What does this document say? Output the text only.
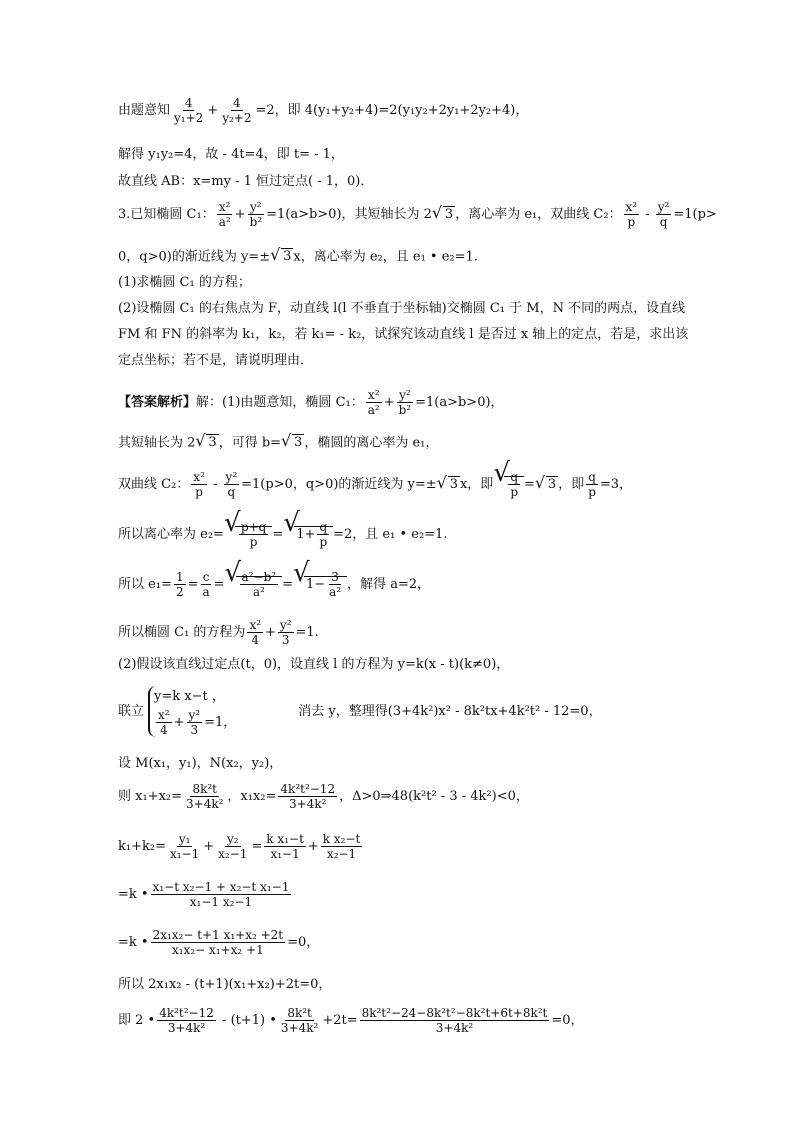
由题意知 $\frac{4}{\text{y₁+2}} + \frac{4}{\text{y₂+2}} =2$，即 4(y₁+y₂+4)=2(y₁y₂+2y₁+2y₂+4)，
解得 y₁y₂=4，故 - 4t=4，即 t= - 1，
故直线 AB：x=my - 1 恒过定点( - 1，0)．
3.已知椭圆 C₁： $\frac{\text{x²}}{\text{a²}} + \frac{\text{y²}}{\text{b²}} =1(a>b>0)$，其短轴长为 2 √ 3 ，离心率为 e₁，双曲线 C₂： $\frac{\text{x²}}{p} - \frac{\text{y²}}{q} =1(p>$
0，q>0)的渐近线为 y=± √ 3 x，离心率为 e₂，且 e₁ • e₂=1.
(1)求椭圆 C₁ 的方程；
(2)设椭圆 C₁ 的右焦点为 F，动直线 l(l 不垂直于坐标轴)交椭圆 C₁ 于 M，N 不同的两点，设直线
FM 和 FN 的斜率为 k₁，k₂，若 k₁= - k₂，试探究该动直线 l 是否过 x 轴上的定点，若是，求出该
定点坐标；若不是，请说明理由．
【答案解析】解：(1)由题意知，椭圆 C₁： $\frac{\text{x²}}{\text{a²}} + \frac{\text{y²}}{\text{b²}} =1(a>b>0)$，
其短轴长为 2 √ 3 ，可得 b= √ 3 ，椭圆的离心率为 e₁，
双曲线 C₂： $\frac{\text{x²}}{p} - \frac{\text{y²}}{q} =1(p>0$，q>0)的渐近线为 y=± √ 3 x，即 √
$\frac{q}{p}$ = √ 3 ，即 $\frac{q}{p} =3$，
所以离心率为 e₂= √
$\frac{p+q}{p}$ = √
$1+ \frac{q}{p} =2$，且 e₁ • e₂=1.
所以 $e_1= \frac{1}{2} = \frac{c}{a}$ = √
$\frac{\text{a²−b²}}{\text{a²}}$ = √
$1- \frac{3}{\text{a²}}$ ，解得 a=2，
所以椭圆 C₁ 的方程为 $\frac{\text{x²}}{4} + \frac{\text{y²}}{3} =1$.
(2)假设该直线过定点(t，0)，设直线 l 的方程为 y=k(x - t)(k≠0)，
联立
y=k x−t ，
$\frac{\text{x²}}{4} + \frac{\text{y²}}{3} =1$，
消去 y，整理得(3+4k²)x² - 8k²tx+4k²t² - 12=0，
设 M(x₁，y₁)，N(x₂，y₂)，
则 $x_1+x_2= \frac{\text{8k²t}}{\text{3+4k²}}$ ，$x_1x_2= \frac{\text{4k²t²−12}}{\text{3+4k²}}$ ，Δ>0⇒48(k²t² - 3 - 4k²)<0，
$k_1+k_2= \frac{\text{y₁}}{\text{x₁−1}} + \frac{\text{y₂}}{\text{x₂−1}} = \frac{\text{k x₁−t}}{\text{x₁−1}} + \frac{\text{k x₂−t}}{\text{x₂−1}}$
=k • $\frac{\text{x₁−t x₂−1 + x₂−t x₁−1}}{\text{x₁−1 x₂−1}}$
=k • $\frac{\text{2x₁x₂− t+1 x₁+x₂ +2t}}{\text{x₁x₂− x₁+x₂ +1}} =0$，
所以 2x₁x₂ - (t+1)(x₁+x₂)+2t=0，
即 2 • $\frac{\text{4k²t²−12}}{\text{3+4k²}} - (t+1)$ • $\frac{\text{8k²t}}{\text{3+4k²}} +2t= \frac{\text{8k²t²−24−8k²t²−8k²t+6t+8k²t}}{\text{3+4k²}} =0$，
